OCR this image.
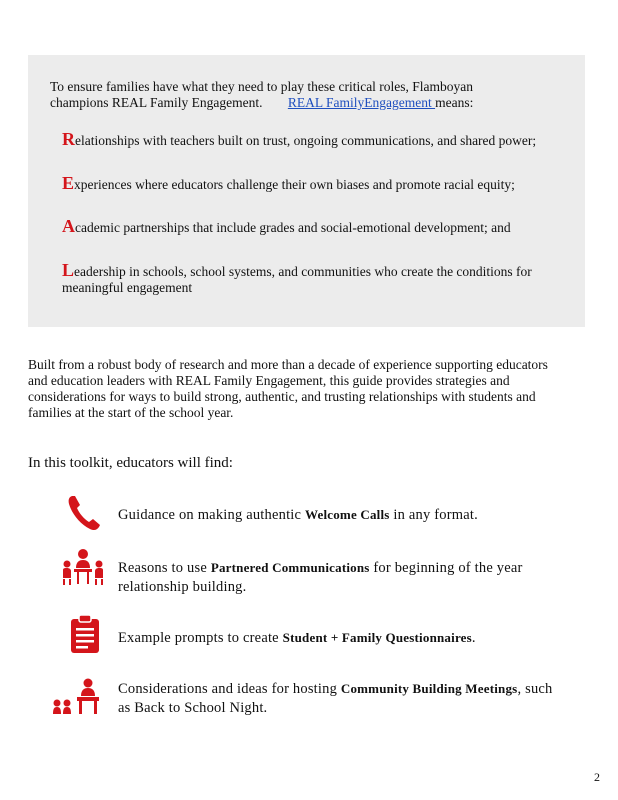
To ensure families have what they need to play these critical roles, Flamboyan
champions REAL Family Engagement. REAL FamilyEngagement means:
Relationships with teachers built on trust, ongoing communications, and shared power;
Experiences where educators challenge their own biases and promote racial equity;
Academic partnerships that include grades and social-emotional development; and
Leadership in schools, school systems, and communities who create the conditions for meaningful engagement
Built from a robust body of research and more than a decade of experience supporting educators and education leaders with REAL Family Engagement, this guide provides strategies and considerations for ways to build strong, authentic, and trusting relationships with students and families at the start of the school year.
In this toolkit, educators will find:
Guidance on making authentic Welcome Calls in any format.
Reasons to use Partnered Communications for beginning of the year relationship building.
Example prompts to create Student + Family Questionnaires.
Considerations and ideas for hosting Community Building Meetings, such as Back to School Night.
2
